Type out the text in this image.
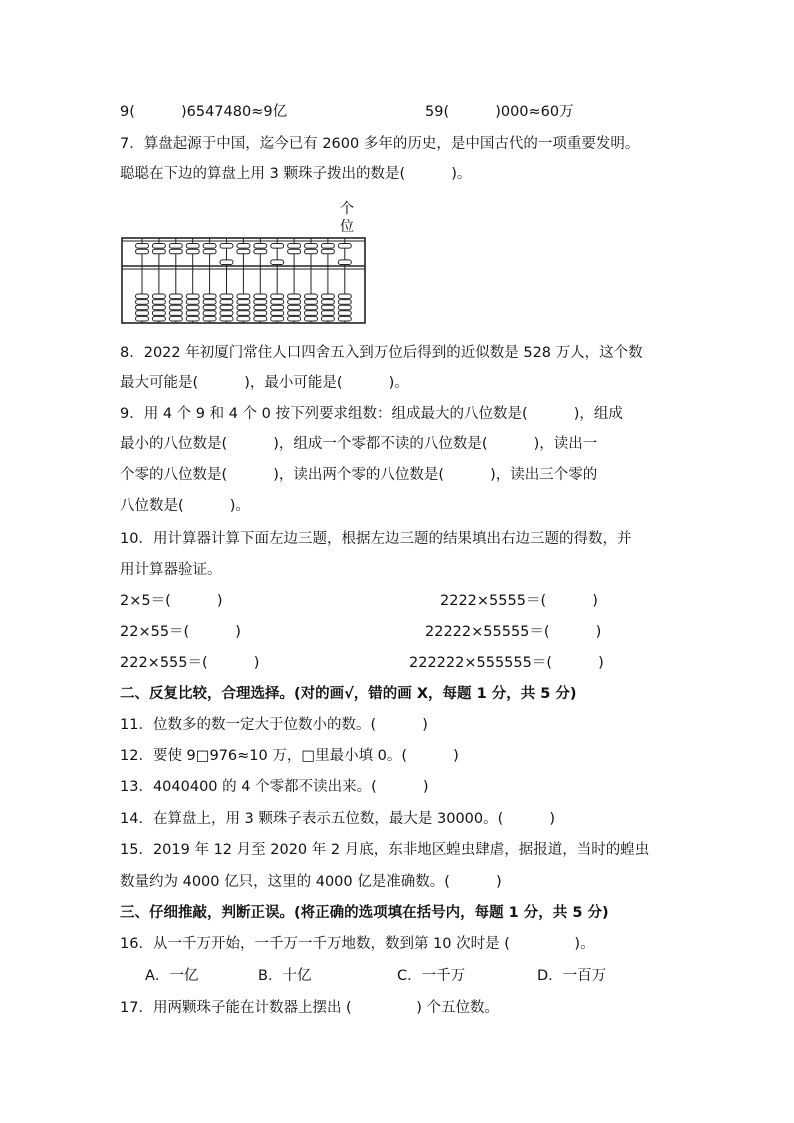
9(          )6547480≈9亿	59(          )000≈60万
7．算盘起源于中国，迄今已有 2600 多年的历史，是中国古代的一项重要发明。
聪聪在下边的算盘上用 3 颗珠子拨出的数是(          )。
个
位
8．2022 年初厦门常住人口四舍五入到万位后得到的近似数是 528 万人，这个数
最大可能是(          )，最小可能是(          )。
9．用 4 个 9 和 4 个 0 按下列要求组数：组成最大的八位数是(          )，组成
最小的八位数是(          )，组成一个零都不读的八位数是(          )，读出一
个零的八位数是(          )，读出两个零的八位数是(          )，读出三个零的
八位数是(          )。
10．用计算器计算下面左边三题，根据左边三题的结果填出右边三题的得数，并
用计算器验证。
2×5＝(          )	2222×5555＝(          )
22×55＝(          )	22222×55555＝(          )
222×555＝(          )	222222×555555＝(          )
二、反复比较，合理选择。(对的画√，错的画 X，每题 1 分，共 5 分)
11．位数多的数一定大于位数小的数。(          )
12．要使 9□976≈10 万，□里最小填 0。(          )
13．4040400 的 4 个零都不读出来。(          )
14．在算盘上，用 3 颗珠子表示五位数，最大是 30000。(          )
15．2019 年 12 月至 2020 年 2 月底，东非地区蝗虫肆虐，据报道，当时的蝗虫
数量约为 4000 亿只，这里的 4000 亿是准确数。(          )
三、仔细推敲，判断正误。(将正确的选项填在括号内，每题 1 分，共 5 分)
16．从一千万开始，一千万一千万地数，数到第 10 次时是 (              )。
A．一亿	B．十亿	C．一千万	D．一百万
17．用两颗珠子能在计数器上摆出 (              ) 个五位数。
